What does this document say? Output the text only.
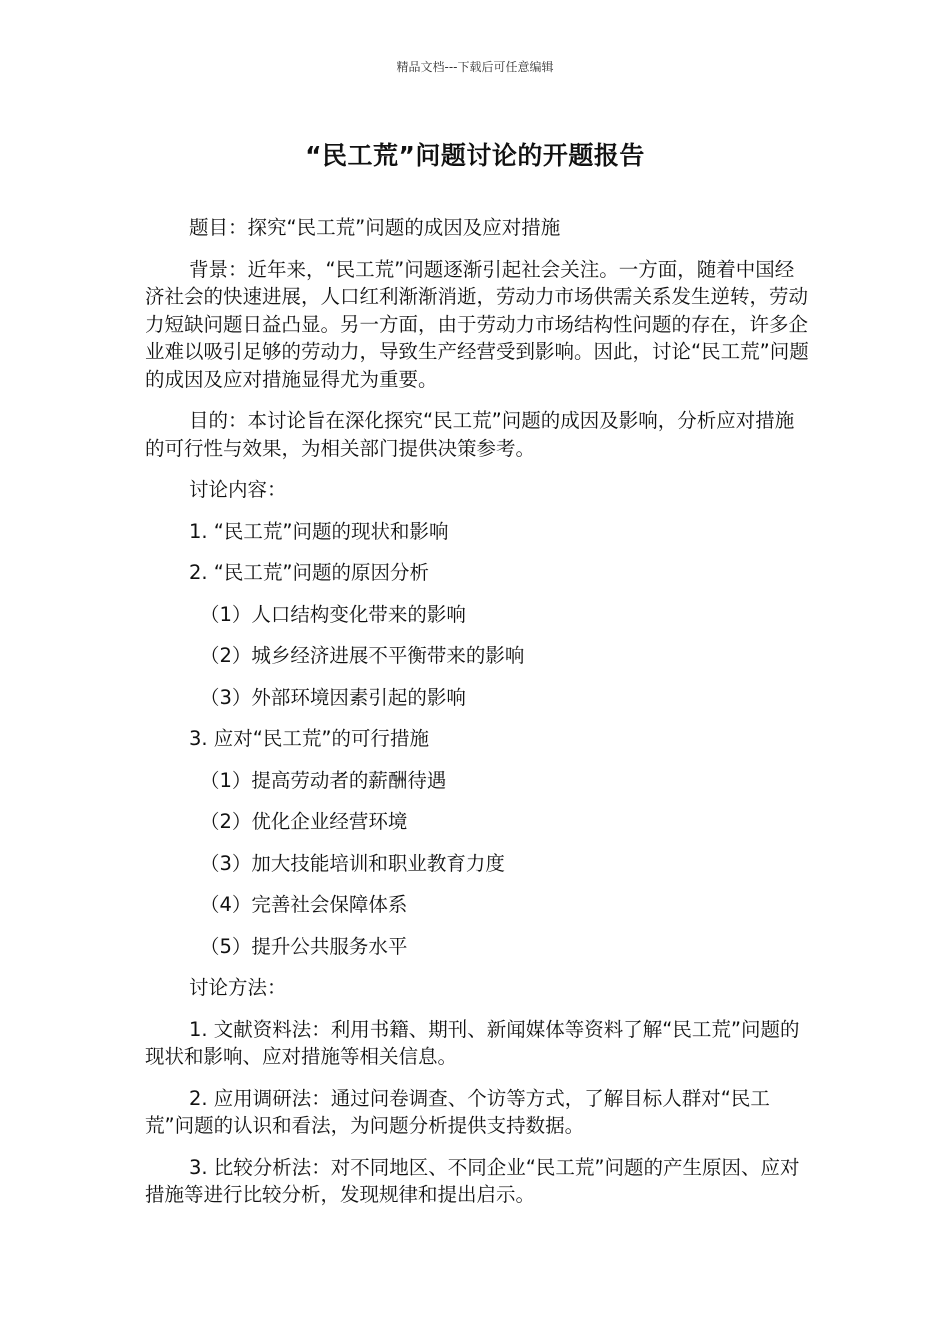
精品文档---下载后可任意编辑
“民工荒”问题讨论的开题报告

题目：探究“民工荒”问题的成因及应对措施

背景：近年来，“民工荒”问题逐渐引起社会关注。一方面，随着中国经济社会的快速进展，人口红利渐渐消逝，劳动力市场供需关系发生逆转，劳动力短缺问题日益凸显。另一方面，由于劳动力市场结构性问题的存在，许多企业难以吸引足够的劳动力，导致生产经营受到影响。因此，讨论“民工荒”问题的成因及应对措施显得尤为重要。

目的：本讨论旨在深化探究“民工荒”问题的成因及影响，分析应对措施的可行性与效果，为相关部门提供决策参考。

讨论内容：

1. “民工荒”问题的现状和影响

2. “民工荒”问题的原因分析

（1）人口结构变化带来的影响

（2）城乡经济进展不平衡带来的影响

（3）外部环境因素引起的影响

3. 应对“民工荒”的可行措施

（1）提高劳动者的薪酬待遇

（2）优化企业经营环境

（3）加大技能培训和职业教育力度

（4）完善社会保障体系

（5）提升公共服务水平

讨论方法：

1. 文献资料法：利用书籍、期刊、新闻媒体等资料了解“民工荒”问题的现状和影响、应对措施等相关信息。

2. 应用调研法：通过问卷调查、个访等方式，了解目标人群对“民工荒”问题的认识和看法，为问题分析提供支持数据。

3. 比较分析法：对不同地区、不同企业“民工荒”问题的产生原因、应对措施等进行比较分析，发现规律和提出启示。
